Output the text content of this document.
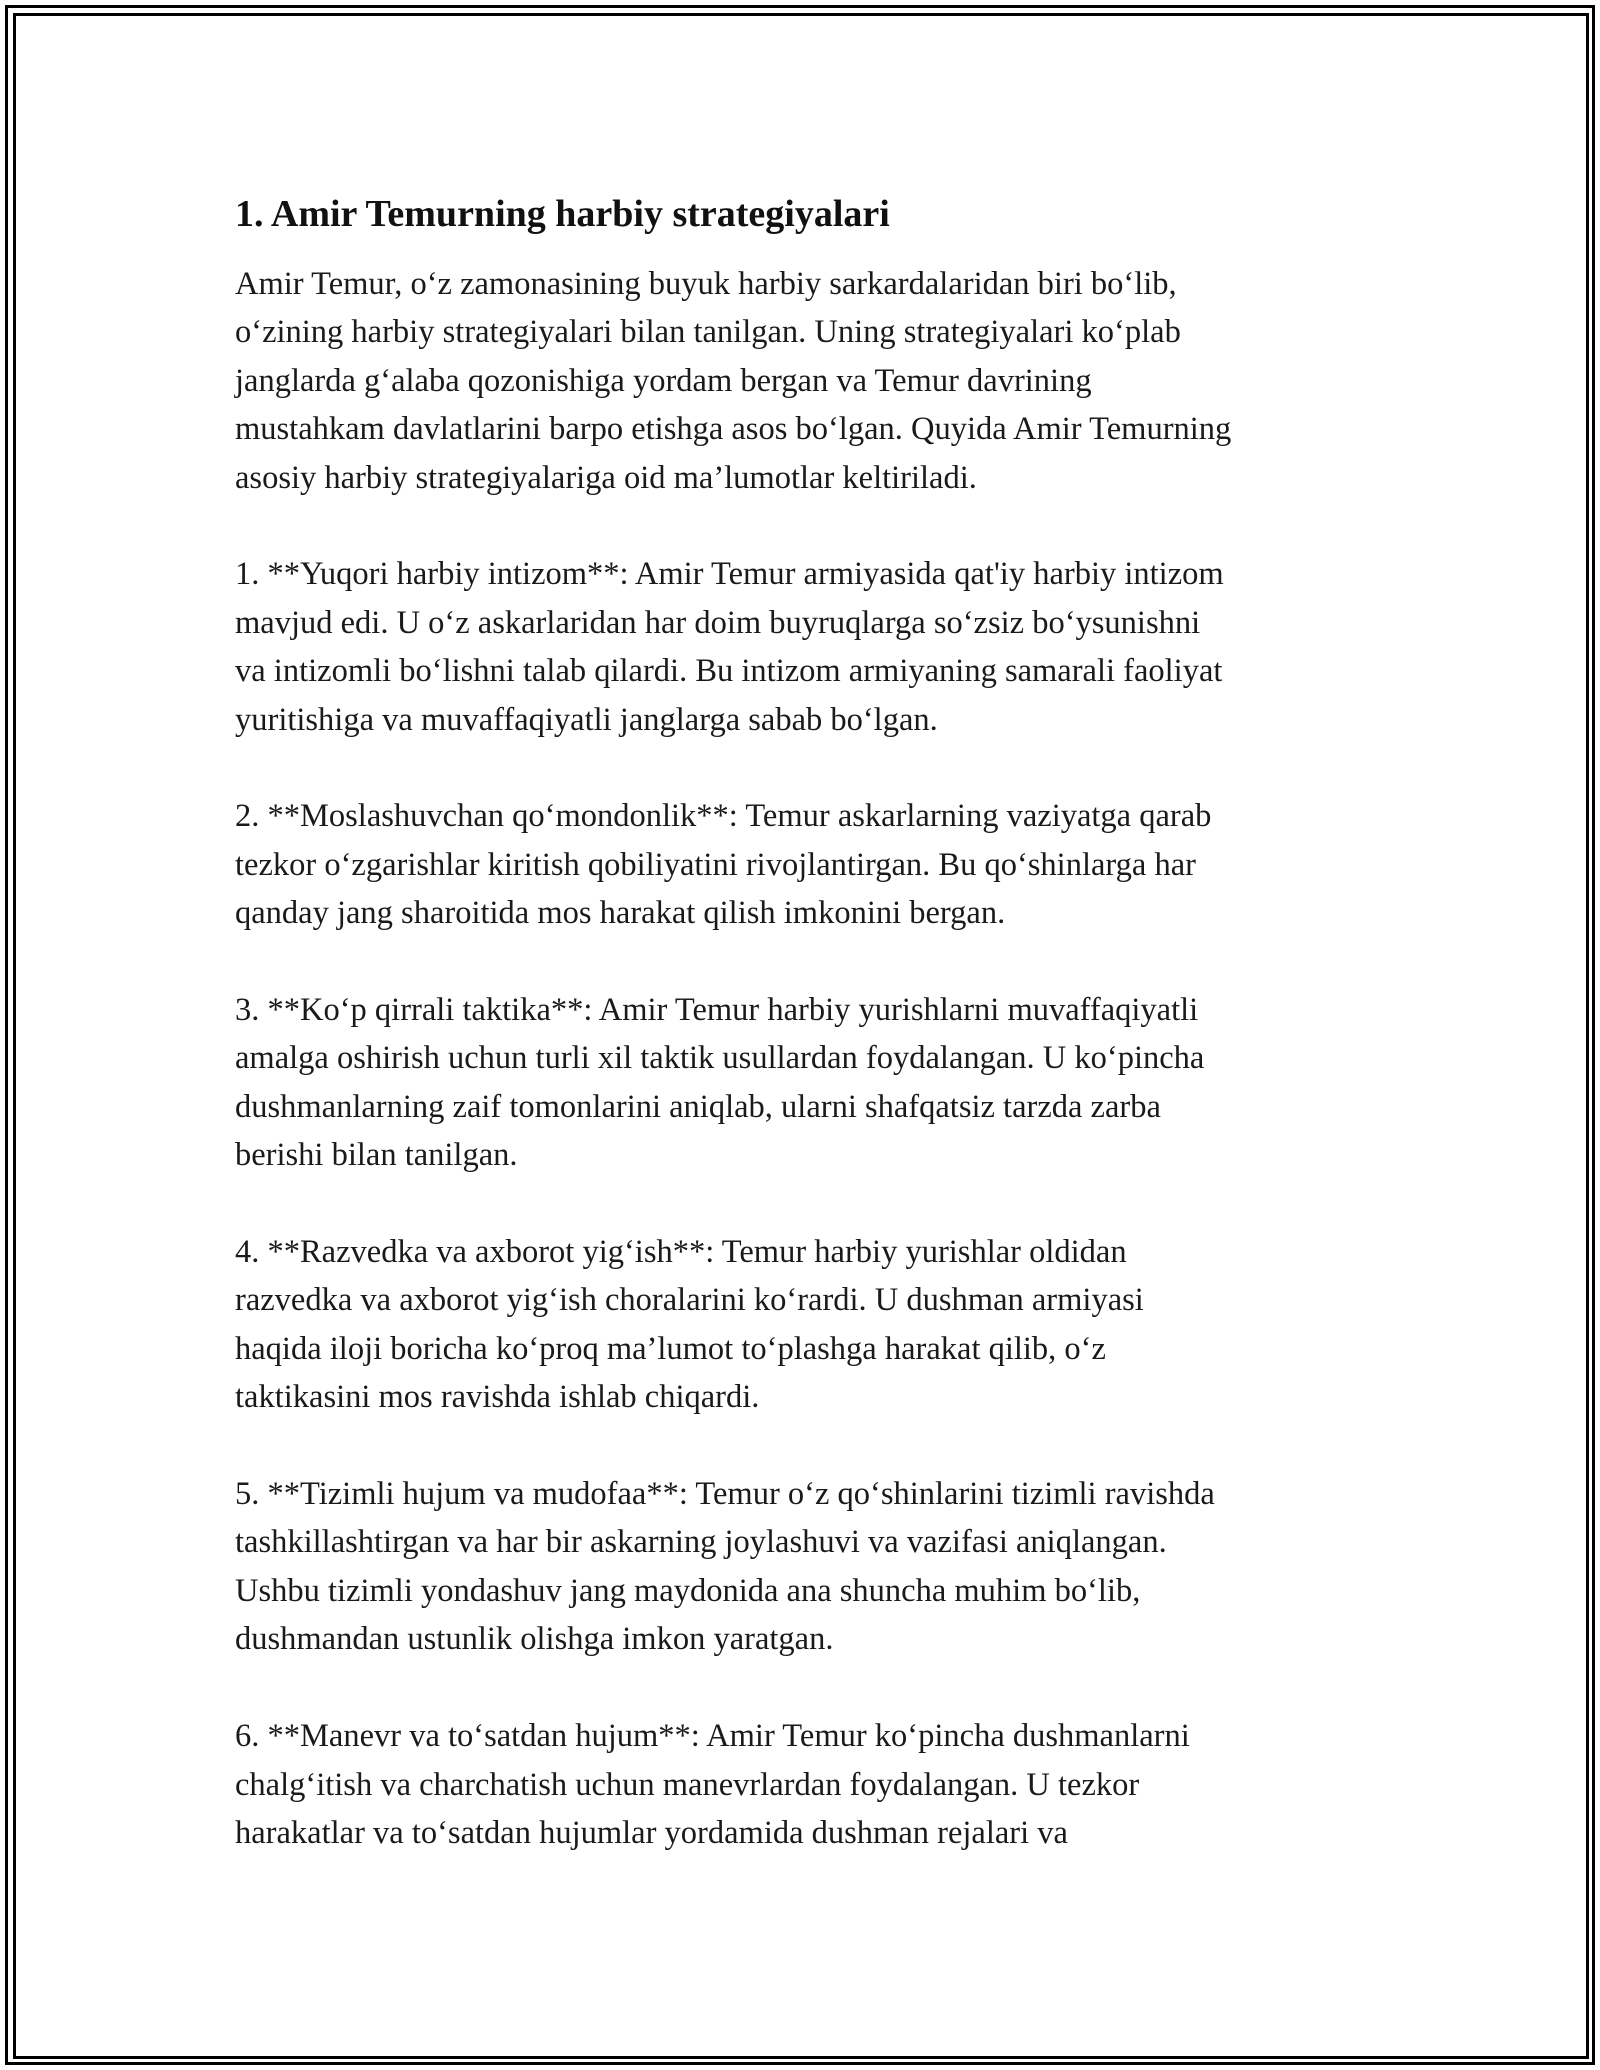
1. Amir Temurning harbiy strategiyalari
Amir Temur, o‘z zamonasining buyuk harbiy sarkardalaridan biri bo‘lib,
o‘zining harbiy strategiyalari bilan tanilgan. Uning strategiyalari ko‘plab
janglarda g‘alaba qozonishiga yordam bergan va Temur davrining
mustahkam davlatlarini barpo etishga asos bo‘lgan. Quyida Amir Temurning
asosiy harbiy strategiyalariga oid ma’lumotlar keltiriladi.
1. **Yuqori harbiy intizom**: Amir Temur armiyasida qat'iy harbiy intizom
mavjud edi. U o‘z askarlaridan har doim buyruqlarga so‘zsiz bo‘ysunishni
va intizomli bo‘lishni talab qilardi. Bu intizom armiyaning samarali faoliyat
yuritishiga va muvaffaqiyatli janglarga sabab bo‘lgan.
2. **Moslashuvchan qo‘mondonlik**: Temur askarlarning vaziyatga qarab
tezkor o‘zgarishlar kiritish qobiliyatini rivojlantirgan. Bu qo‘shinlarga har
qanday jang sharoitida mos harakat qilish imkonini bergan.
3. **Ko‘p qirrali taktika**: Amir Temur harbiy yurishlarni muvaffaqiyatli
amalga oshirish uchun turli xil taktik usullardan foydalangan. U ko‘pincha
dushmanlarning zaif tomonlarini aniqlab, ularni shafqatsiz tarzda zarba
berishi bilan tanilgan.
4. **Razvedka va axborot yig‘ish**: Temur harbiy yurishlar oldidan
razvedka va axborot yig‘ish choralarini ko‘rardi. U dushman armiyasi
haqida iloji boricha ko‘proq ma’lumot to‘plashga harakat qilib, o‘z
taktikasini mos ravishda ishlab chiqardi.
5. **Tizimli hujum va mudofaa**: Temur o‘z qo‘shinlarini tizimli ravishda
tashkillashtirgan va har bir askarning joylashuvi va vazifasi aniqlangan.
Ushbu tizimli yondashuv jang maydonida ana shuncha muhim bo‘lib,
dushmandan ustunlik olishga imkon yaratgan.
6. **Manevr va to‘satdan hujum**: Amir Temur ko‘pincha dushmanlarni
chalg‘itish va charchatish uchun manevrlardan foydalangan. U tezkor
harakatlar va to‘satdan hujumlar yordamida dushman rejalari va
